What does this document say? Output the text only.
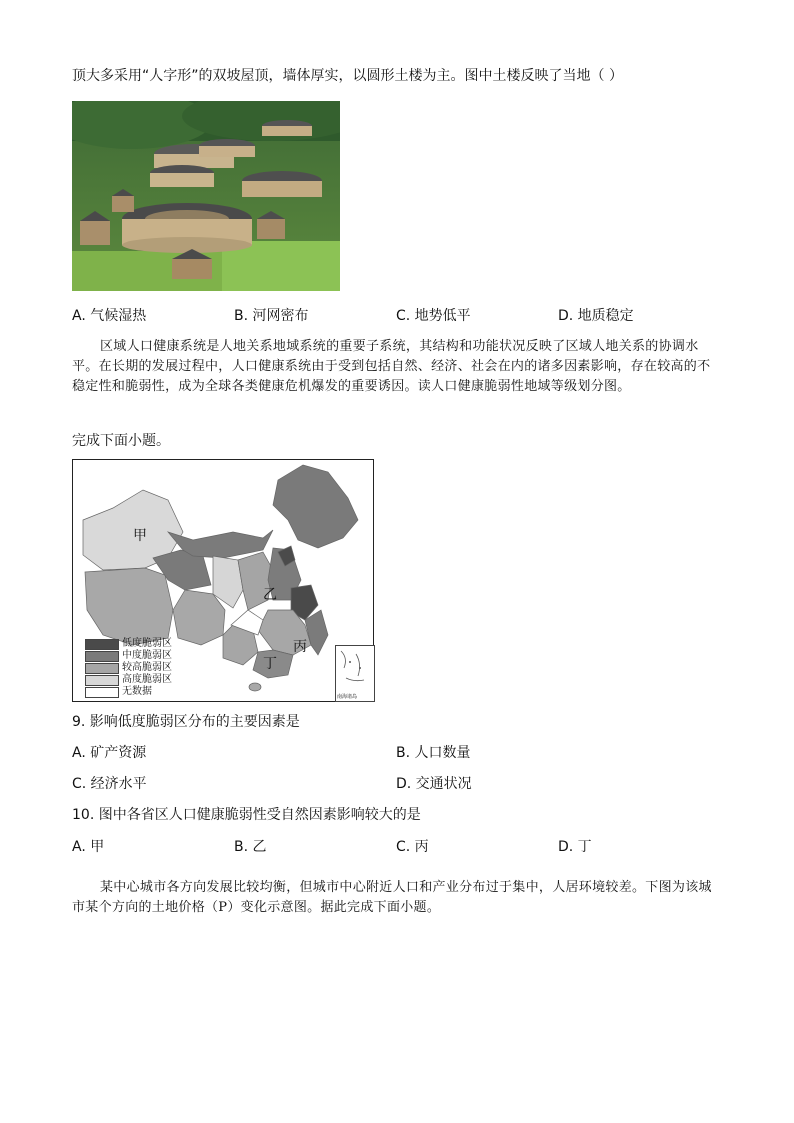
顶大多采用“人字形”的双坡屋顶，墙体厚实，以圆形土楼为主。图中土楼反映了当地（ ）
A. 气候湿热	B. 河网密布	C. 地势低平	D. 地质稳定
区域人口健康系统是人地关系地域系统的重要子系统，其结构和功能状况反映了区域人地关系的协调水平。在长期的发展过程中，人口健康系统由于受到包括自然、经济、社会在内的诸多因素影响，存在较高的不稳定性和脆弱性，成为全球各类健康危机爆发的重要诱因。读人口健康脆弱性地域等级划分图。
完成下面小题。
甲
乙
丙
丁
低度脆弱区
中度脆弱区
较高脆弱区
高度脆弱区
无数据	南海诸岛
9. 影响低度脆弱区分布的主要因素是
A. 矿产资源	B. 人口数量
C. 经济水平	D. 交通状况
10. 图中各省区人口健康脆弱性受自然因素影响较大的是
A. 甲	B. 乙	C. 丙	D. 丁
某中心城市各方向发展比较均衡，但城市中心附近人口和产业分布过于集中，人居环境较差。下图为该城市某个方向的土地价格（P）变化示意图。据此完成下面小题。
